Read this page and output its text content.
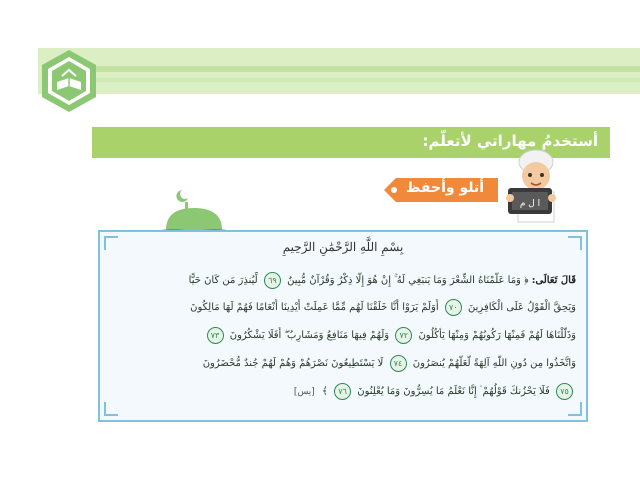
أستخدمُ مهاراتي لأتعلّم:
أتلو وأحفظ
ا ل م
بِسْمِ اللَّهِ الرَّحْمَٰنِ الرَّحِيمِ
قَالَ تَعَالَى: ﴿ وَمَا عَلَّمْنَاهُ الشِّعْرَ وَمَا يَنبَغِي لَهُ ۚ إِنْ هُوَ إِلَّا ذِكْرٌ وَقُرْآنٌ مُّبِينٌ ٦٩ لِّيُنذِرَ مَن كَانَ حَيًّا
وَيَحِقَّ الْقَوْلُ عَلَى الْكَافِرِينَ ٧٠ أَوَلَمْ يَرَوْا أَنَّا خَلَقْنَا لَهُم مِّمَّا عَمِلَتْ أَيْدِينَا أَنْعَامًا فَهُمْ لَهَا مَالِكُونَ
وَذَلَّلْنَاهَا لَهُمْ فَمِنْهَا رَكُوبُهُمْ وَمِنْهَا يَأْكُلُونَ ٧٢ وَلَهُمْ فِيهَا مَنَافِعُ وَمَشَارِبُ ۖ أَفَلَا يَشْكُرُونَ ٧٣
وَاتَّخَذُوا مِن دُونِ اللَّهِ آلِهَةً لَّعَلَّهُمْ يُنصَرُونَ ٧٤ لَا يَسْتَطِيعُونَ نَصْرَهُمْ وَهُمْ لَهُمْ جُندٌ مُّحْضَرُونَ
٧٥ فَلَا يَحْزُنكَ قَوْلُهُمْ ۘ إِنَّا نَعْلَمُ مَا يُسِرُّونَ وَمَا يُعْلِنُونَ ٧٦ ﴾ [يس]
